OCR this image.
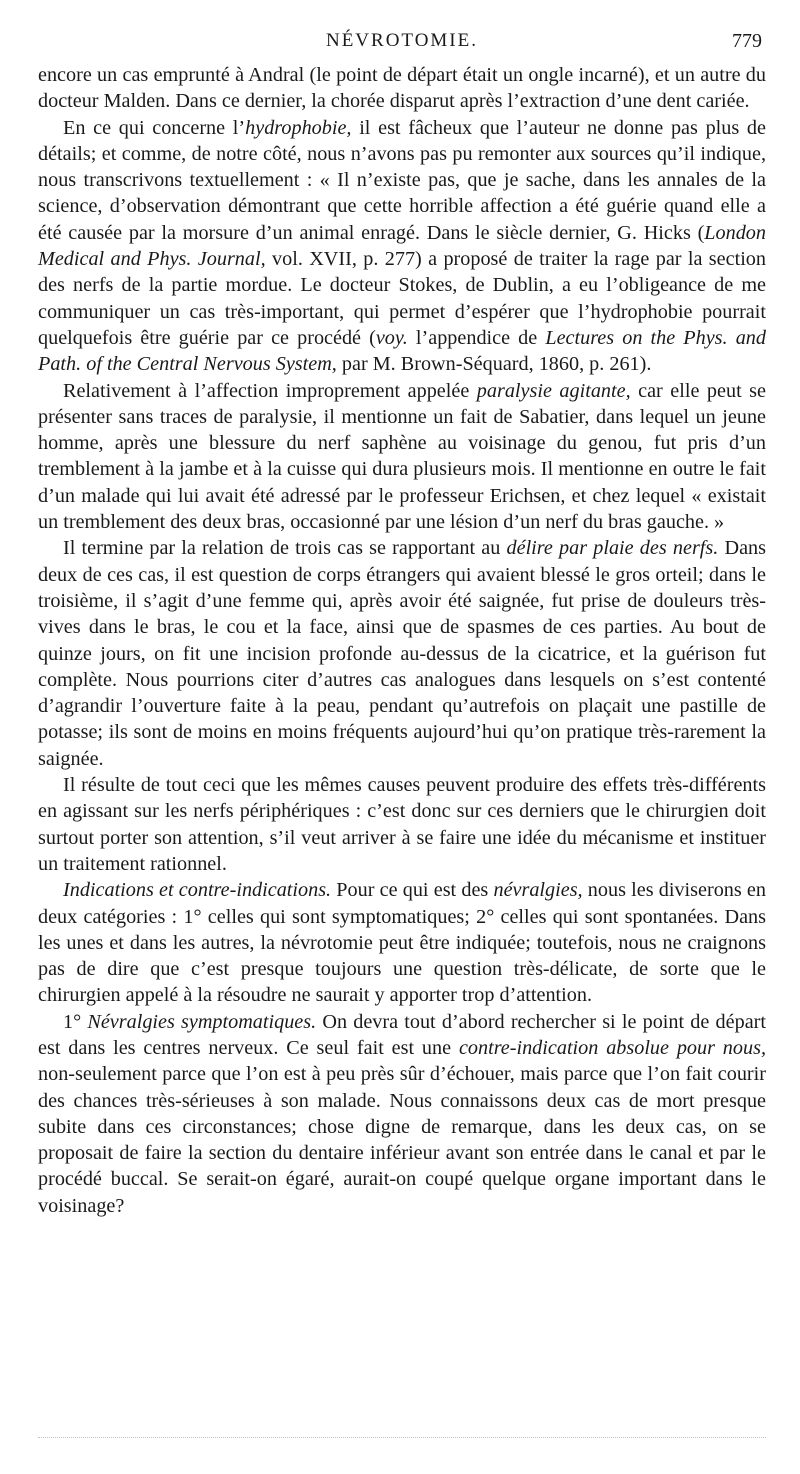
NÉVROTOMIE.	779

encore un cas emprunté à Andral (le point de départ était un ongle incarné), et un autre du docteur Malden. Dans ce dernier, la chorée disparut après l’extraction d’une dent cariée.

En ce qui concerne l’hydrophobie, il est fâcheux que l’auteur ne donne pas plus de détails; et comme, de notre côté, nous n’avons pas pu remonter aux sources qu’il indique, nous transcrivons textuellement : « Il n’existe pas, que je sache, dans les annales de la science, d’observation démontrant que cette horrible affection a été guérie quand elle a été causée par la morsure d’un animal enragé. Dans le siècle dernier, G. Hicks (London Medical and Phys. Journal, vol. XVII, p. 277) a proposé de traiter la rage par la section des nerfs de la partie mordue. Le docteur Stokes, de Dublin, a eu l’obligeance de me communiquer un cas très-important, qui permet d’espérer que l’hydrophobie pourrait quelquefois être guérie par ce procédé (voy. l’appendice de Lectures on the Phys. and Path. of the Central Nervous System, par M. Brown-Séquard, 1860, p. 261).

Relativement à l’affection improprement appelée paralysie agitante, car elle peut se présenter sans traces de paralysie, il mentionne un fait de Sabatier, dans lequel un jeune homme, après une blessure du nerf saphène au voisinage du genou, fut pris d’un tremblement à la jambe et à la cuisse qui dura plusieurs mois. Il mentionne en outre le fait d’un malade qui lui avait été adressé par le professeur Erichsen, et chez lequel « existait un tremblement des deux bras, occasionné par une lésion d’un nerf du bras gauche. »

Il termine par la relation de trois cas se rapportant au délire par plaie des nerfs. Dans deux de ces cas, il est question de corps étrangers qui avaient blessé le gros orteil; dans le troisième, il s’agit d’une femme qui, après avoir été saignée, fut prise de douleurs très-vives dans le bras, le cou et la face, ainsi que de spasmes de ces parties. Au bout de quinze jours, on fit une incision profonde au-dessus de la cicatrice, et la guérison fut complète. Nous pourrions citer d’autres cas analogues dans lesquels on s’est contenté d’agrandir l’ouverture faite à la peau, pendant qu’autrefois on plaçait une pastille de potasse; ils sont de moins en moins fréquents aujourd’hui qu’on pratique très-rarement la saignée.

Il résulte de tout ceci que les mêmes causes peuvent produire des effets très-différents en agissant sur les nerfs périphériques : c’est donc sur ces derniers que le chirurgien doit surtout porter son attention, s’il veut arriver à se faire une idée du mécanisme et instituer un traitement rationnel.

Indications et contre-indications. Pour ce qui est des névralgies, nous les diviserons en deux catégories : 1° celles qui sont symptomatiques; 2° celles qui sont spontanées. Dans les unes et dans les autres, la névrotomie peut être indiquée; toutefois, nous ne craignons pas de dire que c’est presque toujours une question très-délicate, de sorte que le chirurgien appelé à la résoudre ne saurait y apporter trop d’attention.

1° Névralgies symptomatiques. On devra tout d’abord rechercher si le point de départ est dans les centres nerveux. Ce seul fait est une contre-indication absolue pour nous, non-seulement parce que l’on est à peu près sûr d’échouer, mais parce que l’on fait courir des chances très-sérieuses à son malade. Nous connaissons deux cas de mort presque subite dans ces circonstances; chose digne de remarque, dans les deux cas, on se proposait de faire la section du dentaire inférieur avant son entrée dans le canal et par le procédé buccal. Se serait-on égaré, aurait-on coupé quelque organe important dans le voisinage?
